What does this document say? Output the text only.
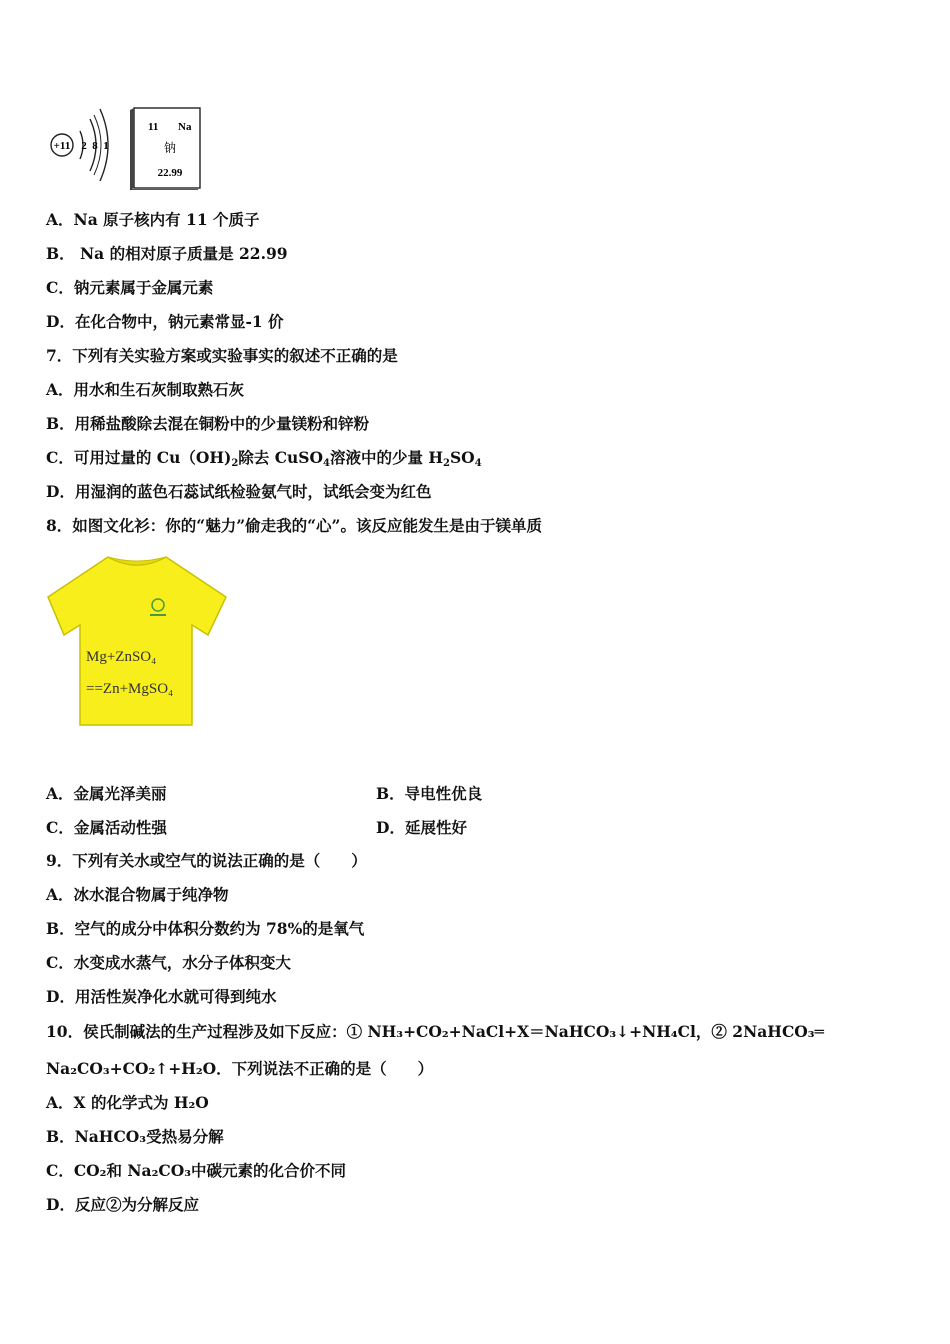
+11 2 8 1
11 Na
钠
22.99
A．Na 原子核内有 11 个质子
B． Na 的相对原子质量是 22.99
C．钠元素属于金属元素
D．在化合物中，钠元素常显-1 价
7．下列有关实验方案或实验事实的叙述不正确的是
A．用水和生石灰制取熟石灰
B．用稀盐酸除去混在铜粉中的少量镁粉和锌粉
C．可用过量的 $Cu(OH)_2$除去 CuSO$_4$溶液中的少量 $H_2SO_4$
D．用湿润的蓝色石蕊试纸检验氨气时，试纸会变为红色
8．如图文化衫：你的“魅力”偷走我的“心”。该反应能发生是由于镁单质
Mg+ZnSO₄
==Zn+MgSO₄
A．金属光泽美丽	B．导电性优良
C．金属活动性强	D．延展性好
9．下列有关水或空气的说法正确的是（　　）
A．冰水混合物属于纯净物
B．空气的成分中体积分数约为 78%的是氧气
C．水变成水蒸气，水分子体积变大
D．用活性炭净化水就可得到纯水
10．侯氏制碱法的生产过程涉及如下反应：① NH₃+CO₂+NaCl+X＝NaHCO₃↓+NH₄Cl，② 2NaHCO₃═
Na₂CO₃+CO₂↑+H₂O．下列说法不正确的是（　　）
A．X 的化学式为 H₂O
B．NaHCO₃受热易分解
C．CO₂和 Na₂CO₃中碳元素的化合价不同
D．反应②为分解反应
